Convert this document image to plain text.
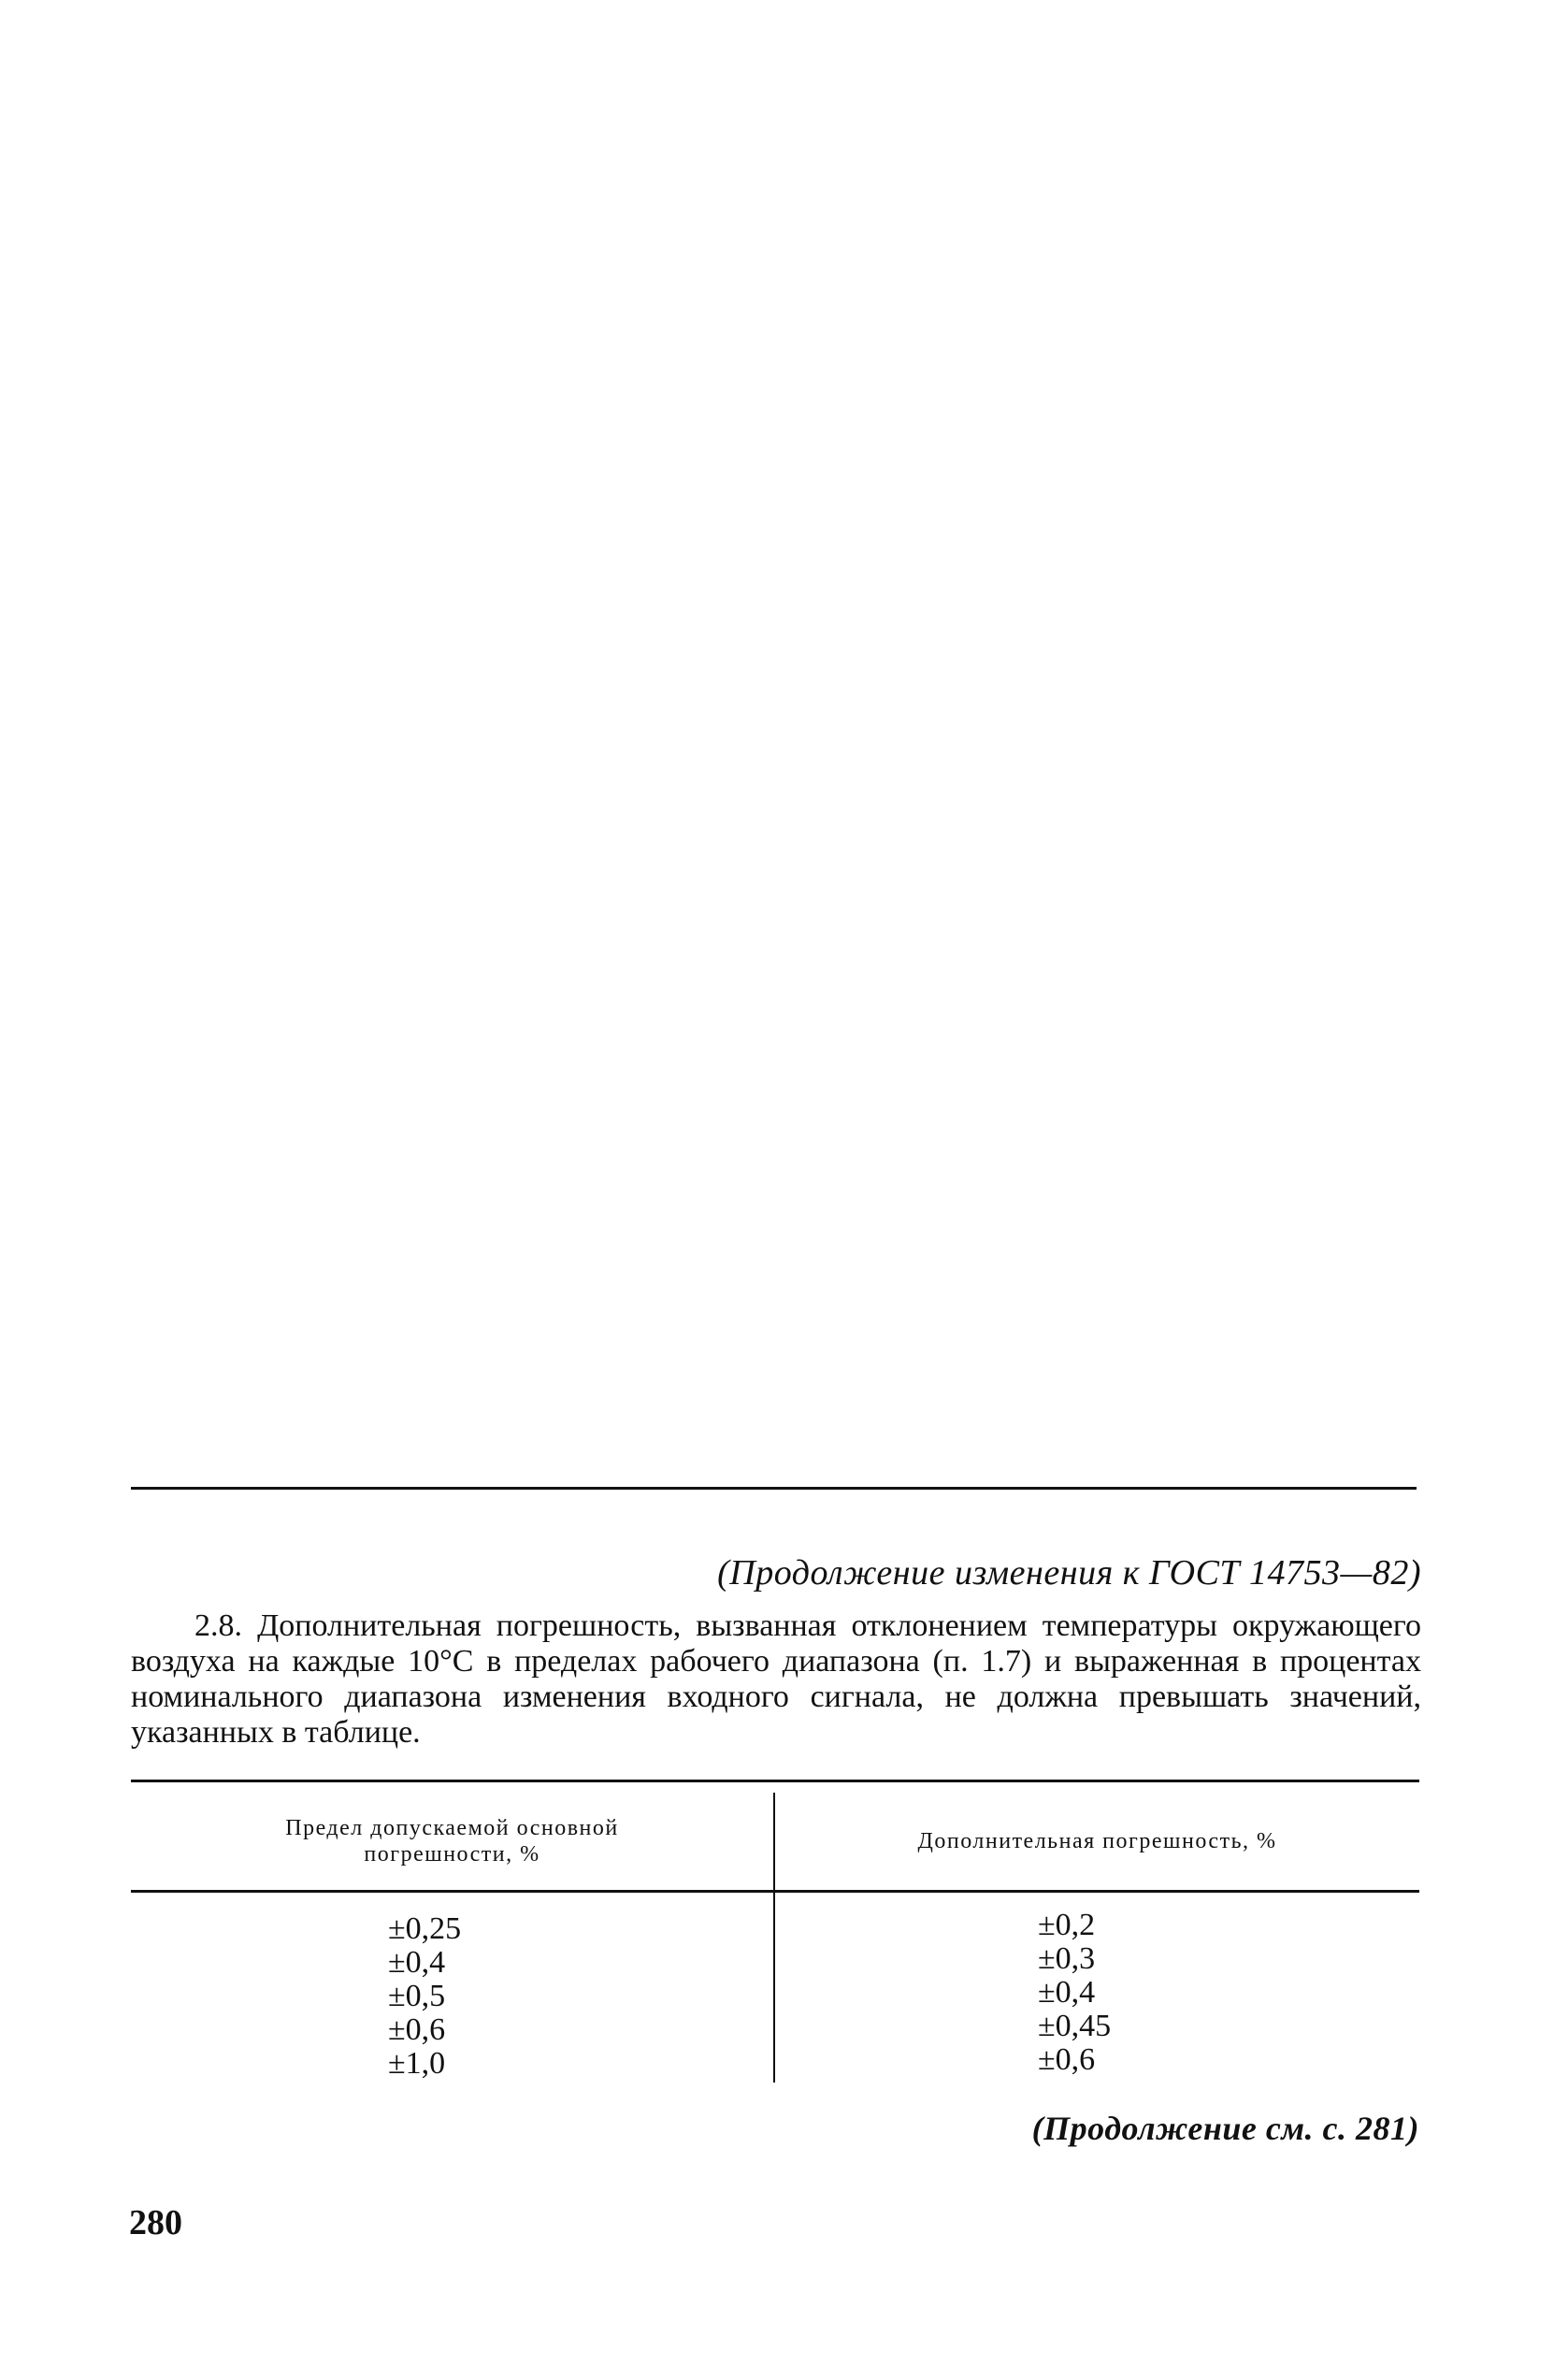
(Продолжение изменения к ГОСТ 14753—82)

2.8. Дополнительная погрешность, вызванная отклонением температуры окружающего воздуха на каждые 10°С в пределах рабочего диапазона (п. 1.7) и выраженная в процентах номинального диапазона изменения входного сигнала, не должна превышать значений, указанных в таблице.

Предел допускаемой основной погрешности, %
Дополнительная погрешность, %
±0,25
±0,4
±0,5
±0,6
±1,0
±0,2
±0,3
±0,4
±0,45
±0,6
(Продолжение см. с. 281)
280
